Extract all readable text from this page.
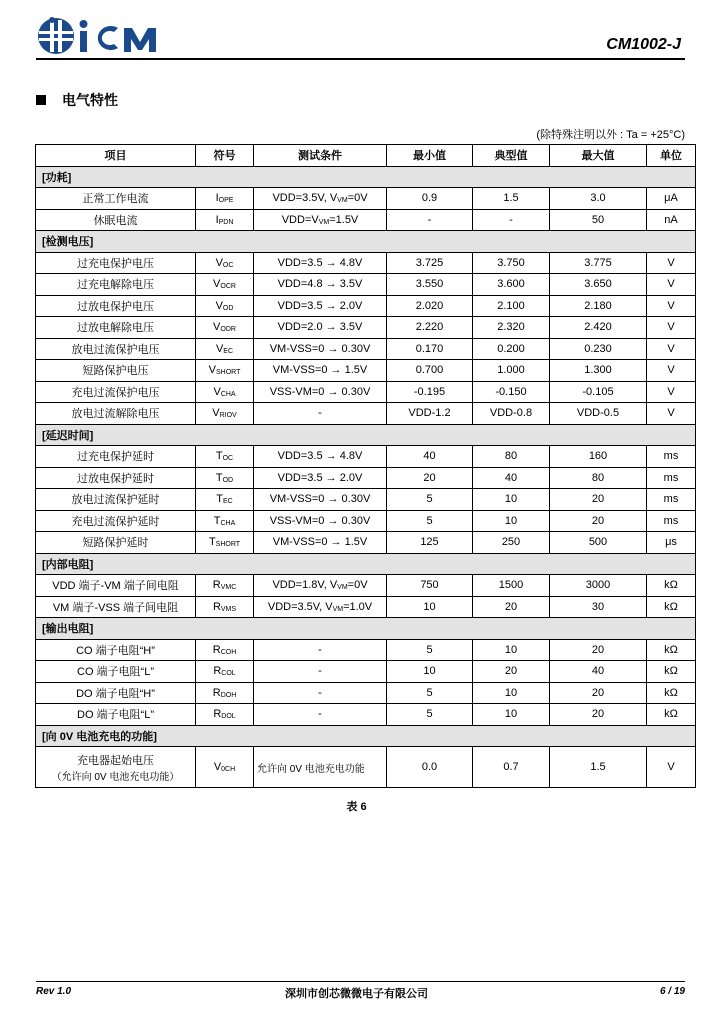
CM1002-J
电气特性
(除特殊注明以外 : Ta = +25°C)
项目	符号	测试条件	最小值	典型值	最大值	单位
[功耗]						

正常工作电流	IOPE	VDD=3.5V, VVM=0V	0.9	1.5	3.0	μA

休眠电流	IPDN	VDD=VVM=1.5V	-	-	50	nA
[检测电压]						

过充电保护电压	VOC	VDD=3.5 → 4.8V	3.725	3.750	3.775	V

过充电解除电压	VOCR	VDD=4.8 → 3.5V	3.550	3.600	3.650	V

过放电保护电压	VOD	VDD=3.5 → 2.0V	2.020	2.100	2.180	V

过放电解除电压	VODR	VDD=2.0 → 3.5V	2.220	2.320	2.420	V

放电过流保护电压	VEC	VM-VSS=0 → 0.30V	0.170	0.200	0.230	V

短路保护电压	VSHORT	VM-VSS=0 → 1.5V	0.700	1.000	1.300	V

充电过流保护电压	VCHA	VSS-VM=0 → 0.30V	-0.195	-0.150	-0.105	V

放电过流解除电压	VRIOV	-	VDD-1.2	VDD-0.8	VDD-0.5	V
[延迟时间]						

过充电保护延时	TOC	VDD=3.5 → 4.8V	40	80	160	ms

过放电保护延时	TOD	VDD=3.5 → 2.0V	20	40	80	ms

放电过流保护延时	TEC	VM-VSS=0 → 0.30V	5	10	20	ms

充电过流保护延时	TCHA	VSS-VM=0 → 0.30V	5	10	20	ms

短路保护延时	TSHORT	VM-VSS=0 → 1.5V	125	250	500	μs
[内部电阻]						

VDD 端子-VM 端子间电阻	RVMC	VDD=1.8V, VVM=0V	750	1500	3000	kΩ

VM 端子-VSS 端子间电阻	RVMS	VDD=3.5V, VVM=1.0V	10	20	30	kΩ
[输出电阻]						

CO 端子电阻“H”	RCOH	-	5	10	20	kΩ

CO 端子电阻“L”	RCOL	-	10	20	40	kΩ

DO 端子电阻“H”	RDOH	-	5	10	20	kΩ

DO 端子电阻“L”	RDOL	-	5	10	20	kΩ
[向 0V 电池充电的功能]						

充电器起始电压
（允许向 0V 电池充电功能）	V0CH	允许向 0V 电池充电功能	0.0	0.7	1.5	V
表 6
Rev 1.0	深圳市创芯微微电子有限公司	6 / 19
